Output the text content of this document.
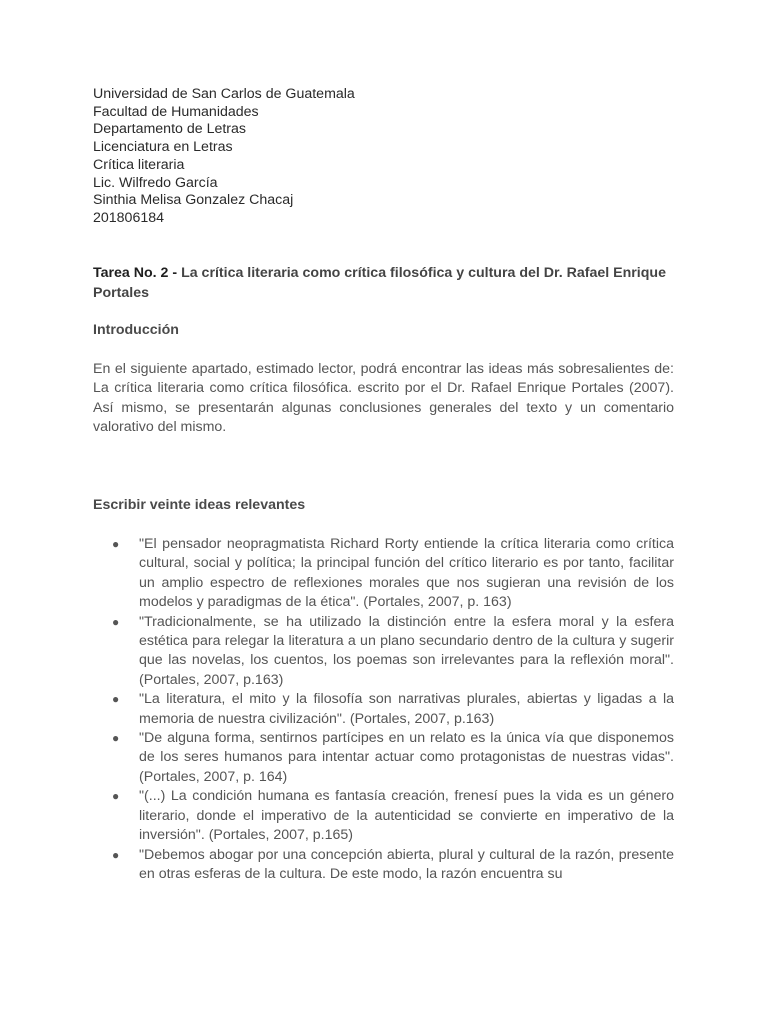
Universidad de San Carlos de Guatemala
Facultad de Humanidades
Departamento de Letras
Licenciatura en Letras
Crítica literaria
Lic. Wilfredo García
Sinthia Melisa Gonzalez Chacaj
201806184
Tarea No. 2 - La crítica literaria como crítica filosófica y cultura del Dr. Rafael Enrique Portales
Introducción
En el siguiente apartado, estimado lector, podrá encontrar las ideas más sobresalientes de: La crítica literaria como crítica filosófica. escrito por el Dr. Rafael Enrique Portales (2007). Así mismo, se presentarán algunas conclusiones generales del texto y un comentario valorativo del mismo.
Escribir veinte ideas relevantes
● "El pensador neopragmatista Richard Rorty entiende la crítica literaria como crítica cultural, social y política; la principal función del crítico literario es por tanto, facilitar un amplio espectro de reflexiones morales que nos sugieran una revisión de los modelos y paradigmas de la ética". (Portales, 2007, p. 163)
● "Tradicionalmente, se ha utilizado la distinción entre la esfera moral y la esfera estética para relegar la literatura a un plano secundario dentro de la cultura y sugerir que las novelas, los cuentos, los poemas son irrelevantes para la reflexión moral". (Portales, 2007, p.163)
● "La literatura, el mito y la filosofía son narrativas plurales, abiertas y ligadas a la memoria de nuestra civilización". (Portales, 2007, p.163)
● "De alguna forma, sentirnos partícipes en un relato es la única vía que disponemos de los seres humanos para intentar actuar como protagonistas de nuestras vidas". (Portales, 2007, p. 164)
● "(...) La condición humana es fantasía creación, frenesí pues la vida es un género literario, donde el imperativo de la autenticidad se convierte en imperativo de la inversión". (Portales, 2007, p.165)
● "Debemos abogar por una concepción abierta, plural y cultural de la razón, presente en otras esferas de la cultura. De este modo, la razón encuentra su
